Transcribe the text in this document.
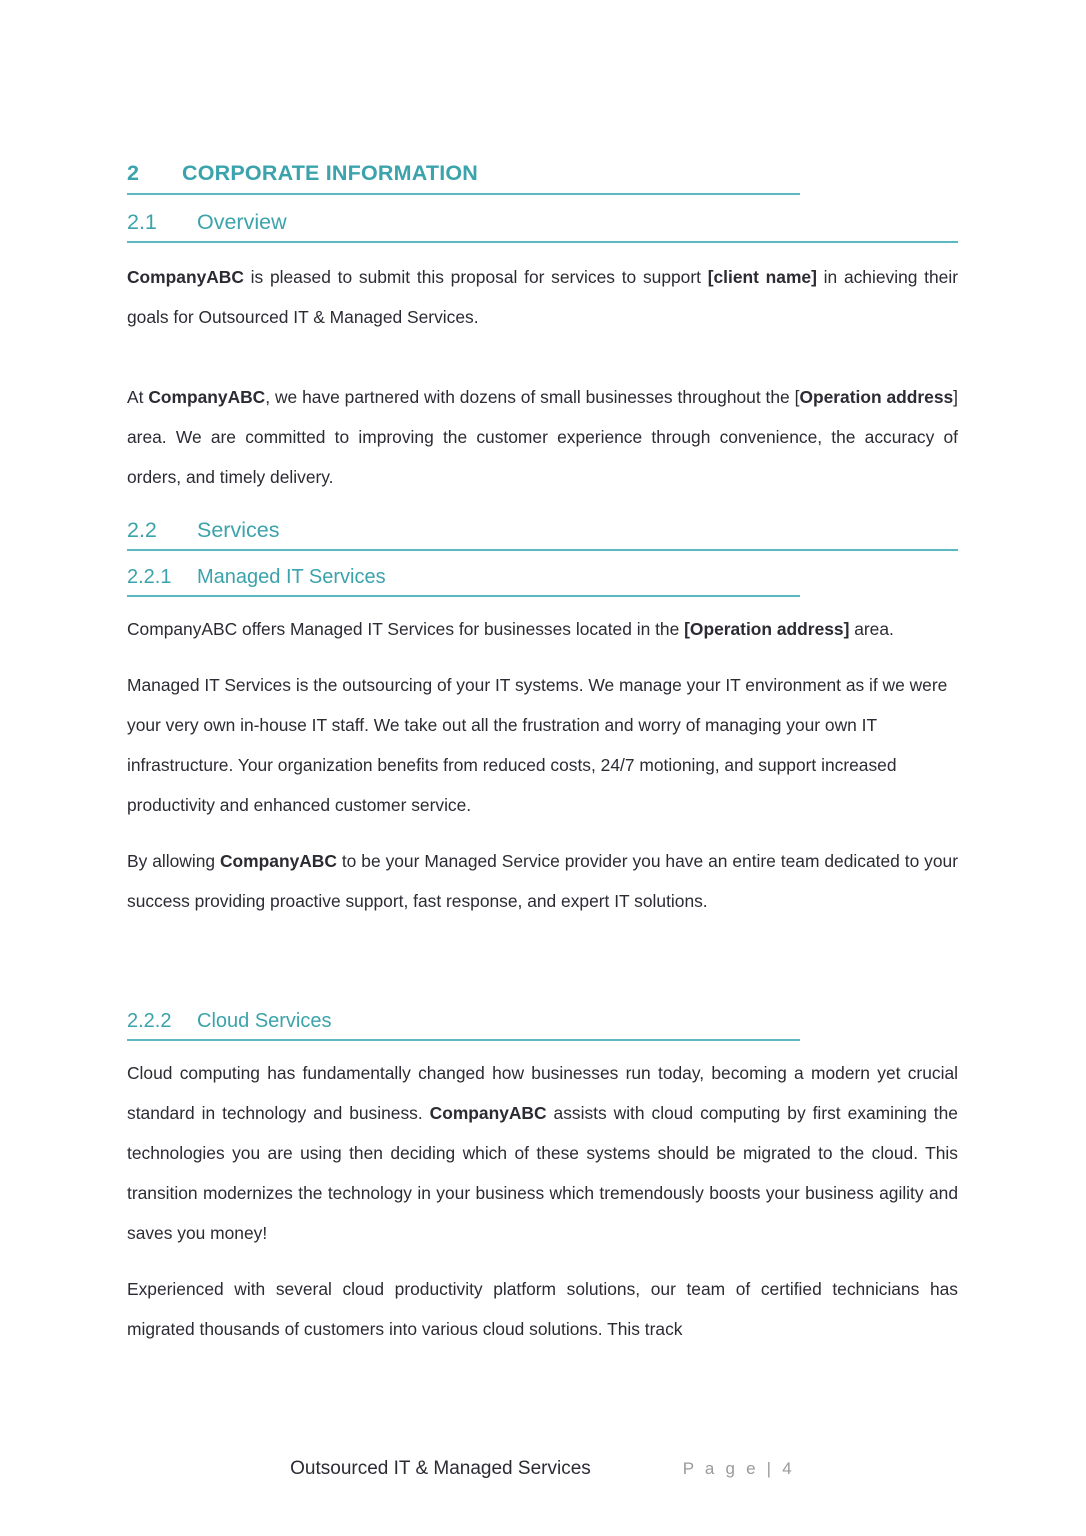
2 CORPORATE INFORMATION
2.1 Overview

CompanyABC is pleased to submit this proposal for services to support [client name] in achieving their goals for Outsourced IT & Managed Services.

At CompanyABC, we have partnered with dozens of small businesses throughout the [Operation address] area. We are committed to improving the customer experience through convenience, the accuracy of orders, and timely delivery.

2.2 Services
2.2.1 Managed IT Services

CompanyABC offers Managed IT Services for businesses located in the [Operation address] area.

Managed IT Services is the outsourcing of your IT systems. We manage your IT environment as if we were your very own in-house IT staff. We take out all the frustration and worry of managing your own IT infrastructure. Your organization benefits from reduced costs, 24/7 motioning, and support increased productivity and enhanced customer service.

By allowing CompanyABC to be your Managed Service provider you have an entire team dedicated to your success providing proactive support, fast response, and expert IT solutions.

2.2.2 Cloud Services

Cloud computing has fundamentally changed how businesses run today, becoming a modern yet crucial standard in technology and business. CompanyABC assists with cloud computing by first examining the technologies you are using then deciding which of these systems should be migrated to the cloud. This transition modernizes the technology in your business which tremendously boosts your business agility and saves you money!

Experienced with several cloud productivity platform solutions, our team of certified technicians has migrated thousands of customers into various cloud solutions. This track

Outsourced IT & Managed Services	P a g e | 4
